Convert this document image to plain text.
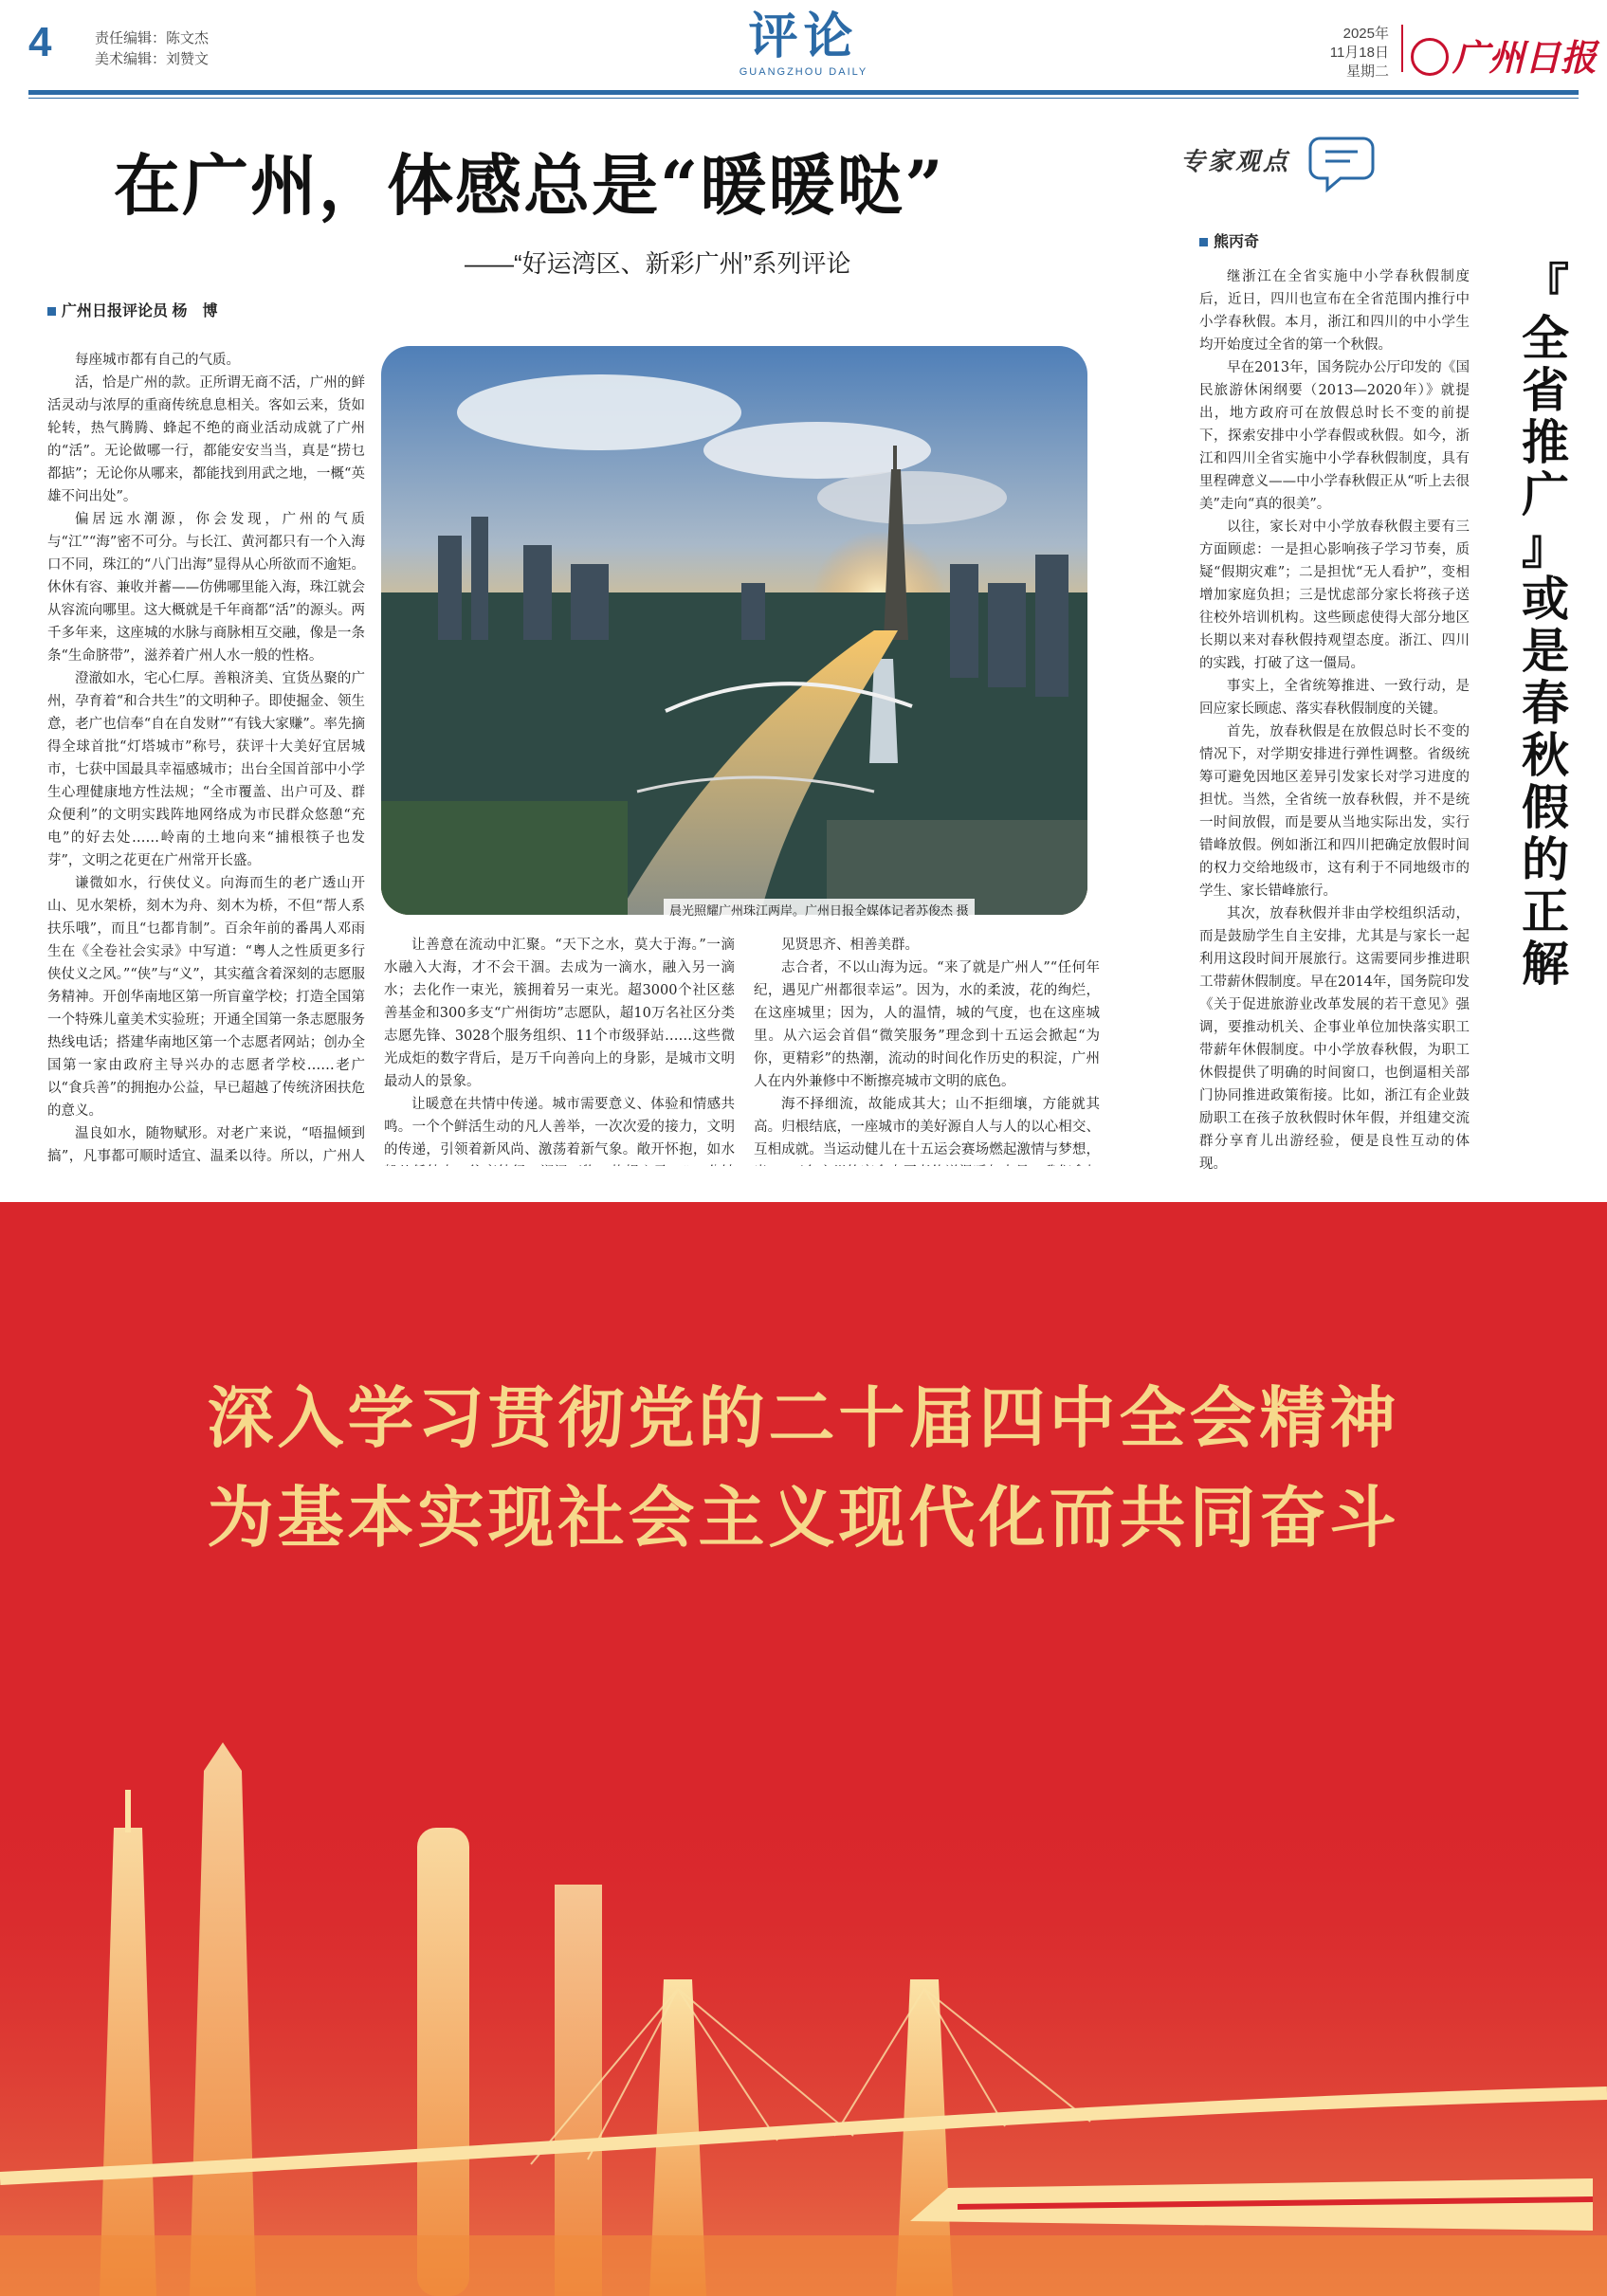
4	责任编辑：陈文杰
美术编辑：刘赞文	评论
GUANGZHOU DAILY
2025年
11月18日
星期二	广州日报
在广州，体感总是“暖暖哒”
——“好运湾区、新彩广州”系列评论
广州日报评论员 杨　博

每座城市都有自己的气质。

活，恰是广州的款。正所谓无商不活，广州的鲜活灵动与浓厚的重商传统息息相关。客如云来，货如轮转，热气腾腾、蜂起不绝的商业活动成就了广州的“活”。无论做哪一行，都能安安当当，真是“捞乜都掂”；无论你从哪来，都能找到用武之地，一概“英雄不问出处”。

偏居远水潮源，你会发现，广州的气质与“江”“海”密不可分。与长江、黄河都只有一个入海口不同，珠江的“八门出海”显得从心所欲而不逾矩。休休有容、兼收并蓄——仿佛哪里能入海，珠江就会从容流向哪里。这大概就是千年商都“活”的源头。两千多年来，这座城的水脉与商脉相互交融，像是一条条“生命脐带”，滋养着广州人水一般的性格。

澄澈如水，宅心仁厚。善粮济美、宜货丛聚的广州，孕育着“和合共生”的文明种子。即使掘金、领生意，老广也信奉“自在自发财”“有钱大家赚”。率先摘得全球首批“灯塔城市”称号，获评十大美好宜居城市，七获中国最具幸福感城市；出台全国首部中小学生心理健康地方性法规；“全市覆盖、出户可及、群众便利”的文明实践阵地网络成为市民群众悠憩“充电”的好去处……岭南的土地向来“捕根筷子也发芽”，文明之花更在广州常开长盛。

谦微如水，行侠仗义。向海而生的老广透山开山、见水架桥，刻木为舟、刻木为桥，不但“帮人系扶乐哦”，而且“乜都肯制”。百余年前的番禺人邓雨生在《全卷社会实录》中写道：“粤人之性质更多行侠仗义之风。”“侠”与“义”，其实蕴含着深刻的志愿服务精神。开创华南地区第一所盲童学校；打造全国第一个特殊儿童美术实验班；开通全国第一条志愿服务热线电话；搭建华南地区第一个志愿者网站；创办全国第一家由政府主导兴办的志愿者学校……老广以“食兵善”的拥抱办公益，早已超越了传统济困扶危的意义。

温良如水，随物赋形。对老广来说，“唔揾倾到搞”，凡事都可顺时适宜、温柔以待。所以，广州人

晨光照耀广州珠江两岸。广州日报全媒体记者苏俊杰 摄

让善意在流动中汇聚。“天下之水，莫大于海。”一滴水融入大海，才不会干涸。去成为一滴水，融入另一滴水；去化作一束光，簇拥着另一束光。超3000个社区慈善基金和300多支“广州街坊”志愿队，超10万名社区分类志愿先锋、3028个服务组织、11个市级驿站……这些微光成炬的数字背后，是万千向善向上的身影，是城市文明最动人的景象。

让暖意在共情中传递。城市需要意义、体验和情感共鸣。一个个鲜活生动的凡人善举，一次次爱的接力，文明的传递，引领着新风尚、激荡着新气象。敞开怀抱，如水

见贤思齐、相善美群。

志合者，不以山海为远。“来了就是广州人”“任何年纪，遇见广州都很幸运”。因为，水的柔波，花的绚烂，在这座城里；因为，人的温情，城的气度，也在这座城里。从六运会首倡“微笑服务”理念到十五运会掀起“为你，更精彩”的热潮，流动的时间化作历史的积淀，广州人在内外兼修中不断擦亮城市文明的底色。

海不择细流，故能成其大；山不拒细壤，方能就其高。归根结底，一座城市的美好源自人与人的以心相交、互相成就。当运动健儿在十五运会赛场燃起激情与梦想，

专家观点
熊丙奇

继浙江在全省实施中小学春秋假制度后，近日，四川也宣布在全省范围内推行中小学春秋假。本月，浙江和四川的中小学生均开始度过全省的第一个秋假。

早在2013年，国务院办公厅印发的《国民旅游休闲纲要（2013—2020年）》就提出，地方政府可在放假总时长不变的前提下，探索安排中小学春假或秋假。如今，浙江和四川全省实施中小学春秋假制度，具有里程碑意义——中小学春秋假正从“听上去很美”走向“真的很美”。

以往，家长对中小学放春秋假主要有三方面顾虑：一是担心影响孩子学习节奏，质疑“假期灾难”；二是担忧“无人看护”，变相增加家庭负担；三是忧虑部分家长将孩子送往校外培训机构。这些顾虑使得大部分地区长期以来对春秋假持观望态度。浙江、四川的实践，打破了这一僵局。

事实上，全省统筹推进、一致行动，是回应家长顾虑、落实春秋假制度的关键。

首先，放春秋假是在放假总时长不变的情况下，对学期安排进行弹性调整。省级统筹可避免因地区差异引发家长对学习进度的担忧。当然，全省统一放春秋假，并不是统一时间放假，而是要从当地实际出发，实行错峰放假。例如浙江和四川把确定放假时间的权力交给地级市，这有利于不同地级市的学生、家长错峰旅行。

其次，放春秋假并非由学校组织活动，而是鼓励学生自主安排，尤其是与家长一起利用这段时间开展旅行。这需要同步推进职工带薪休假制度。早在2014年，国务院印发《关于促进旅游业改革发展的若干意见》强调，要推动机关、企事业单位加快落实职工带薪年休假制度。中小学放春秋假，为职工休假提供了明确的时间窗口，也倒逼相关部门协同推进政策衔接。比如，浙江有企业鼓励职工在孩子放秋假时休年假，并组建交流群分享育儿出游经验，便是良性互动的体现。

『
全
省
推
广
』
或
是
春
秋
假
的
正
解
深入学习贯彻党的二十届四中全会精神
为基本实现社会主义现代化而共同奋斗
